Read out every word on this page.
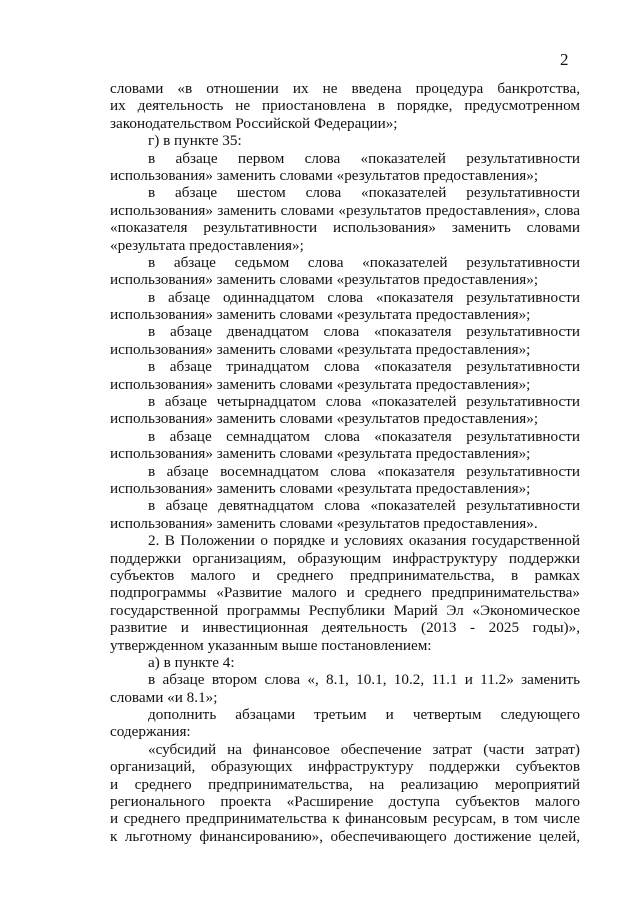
2
словами «в отношении их не введена процедура банкротства,
их деятельность не приостановлена в порядке, предусмотренном
законодательством Российской Федерации»;
г) в пункте 35:
в абзаце первом слова «показателей результативности
использования» заменить словами «результатов предоставления»;
в абзаце шестом слова «показателей результативности
использования» заменить словами «результатов предоставления», слова
«показателя результативности использования» заменить словами
«результата предоставления»;
в абзаце седьмом слова «показателей результативности
использования» заменить словами «результатов предоставления»;
в абзаце одиннадцатом слова «показателя результативности
использования» заменить словами «результата предоставления»;
в абзаце двенадцатом слова «показателя результативности
использования» заменить словами «результата предоставления»;
в абзаце тринадцатом слова «показателя результативности
использования» заменить словами «результата предоставления»;
в абзаце четырнадцатом слова «показателей результативности
использования» заменить словами «результатов предоставления»;
в абзаце семнадцатом слова «показателя результативности
использования» заменить словами «результата предоставления»;
в абзаце восемнадцатом слова «показателя результативности
использования» заменить словами «результата предоставления»;
в абзаце девятнадцатом слова «показателей результативности
использования» заменить словами «результатов предоставления».
2. В Положении о порядке и условиях оказания государственной
поддержки организациям, образующим инфраструктуру поддержки
субъектов малого и среднего предпринимательства, в рамках
подпрограммы «Развитие малого и среднего предпринимательства»
государственной программы Республики Марий Эл «Экономическое
развитие и инвестиционная деятельность (2013 - 2025 годы)»,
утвержденном указанным выше постановлением:
а) в пункте 4:
в абзаце втором слова «, 8.1, 10.1, 10.2, 11.1 и 11.2» заменить
словами «и 8.1»;
дополнить абзацами третьим и четвертым следующего
содержания:
«субсидий на финансовое обеспечение затрат (части затрат)
организаций, образующих инфраструктуру поддержки субъектов
и среднего предпринимательства, на реализацию мероприятий
регионального проекта «Расширение доступа субъектов малого
и среднего предпринимательства к финансовым ресурсам, в том числе
к льготному финансированию», обеспечивающего достижение целей,
